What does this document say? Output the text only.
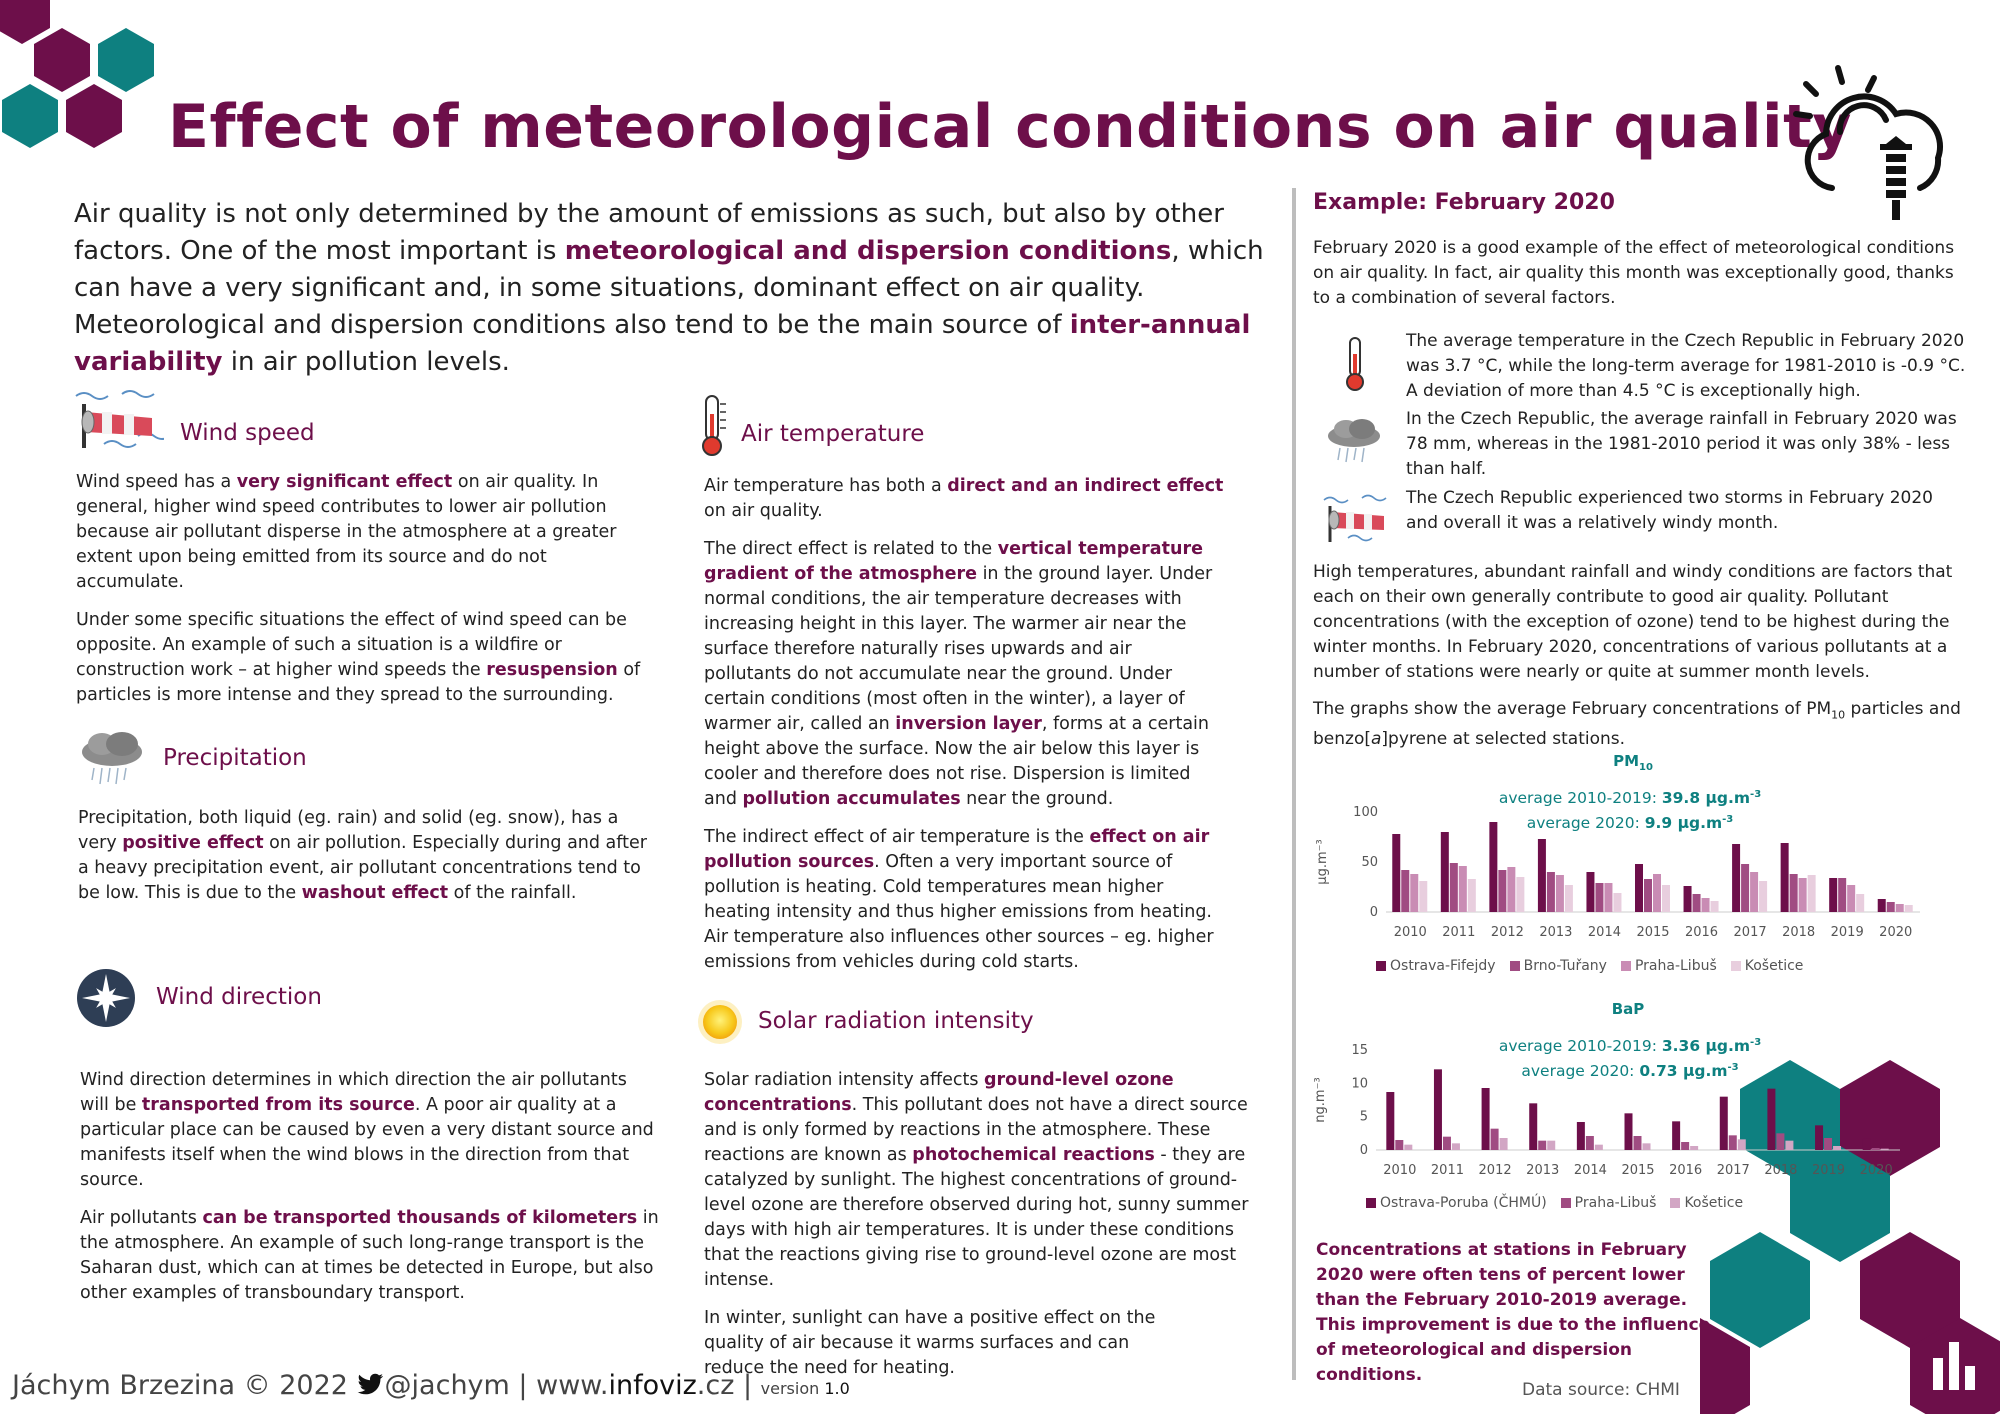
Effect of meteorological conditions on air quality
Air quality is not only determined by the amount of emissions as such, but also by other factors. One of the most important is meteorological and dispersion conditions, which can have a very significant and, in some situations, dominant effect on air quality. Meteorological and dispersion conditions also tend to be the main source of inter-annual variability in air pollution levels.
Wind speed

Wind speed has a very significant effect on air quality. In general, higher wind speed contributes to lower air pollution because air pollutant disperse in the atmosphere at a greater extent upon being emitted from its source and do not accumulate.

Under some specific situations the effect of wind speed can be opposite. An example of such a situation is a wildfire or construction work – at higher wind speeds the resuspension of particles is more intense and they spread to the surrounding.

Precipitation

Precipitation, both liquid (eg. rain) and solid (eg. snow), has a very positive effect on air pollution. Especially during and after a heavy precipitation event, air pollutant concentrations tend to be low. This is due to the washout effect of the rainfall.

Wind direction

Wind direction determines in which direction the air pollutants will be transported from its source. A poor air quality at a particular place can be caused by even a very distant source and manifests itself when the wind blows in the direction from that source.

Air pollutants can be transported thousands of kilometers in the atmosphere. An example of such long-range transport is the Saharan dust, which can at times be detected in Europe, but also other examples of transboundary transport.

Air temperature

Air temperature has both a direct and an indirect effect on air quality.

The direct effect is related to the vertical temperature gradient of the atmosphere in the ground layer. Under normal conditions, the air temperature decreases with increasing height in this layer. The warmer air near the surface therefore naturally rises upwards and air pollutants do not accumulate near the ground. Under certain conditions (most often in the winter), a layer of warmer air, called an inversion layer, forms at a certain height above the surface. Now the air below this layer is cooler and therefore does not rise. Dispersion is limited and pollution accumulates near the ground.

The indirect effect of air temperature is the effect on air pollution sources. Often a very important source of pollution is heating. Cold temperatures mean higher heating intensity and thus higher emissions from heating. Air temperature also influences other sources – eg. higher emissions from vehicles during cold starts.

Solar radiation intensity

Solar radiation intensity affects ground-level ozone concentrations. This pollutant does not have a direct source and is only formed by reactions in the atmosphere. These reactions are known as photochemical reactions - they are catalyzed by sunlight. The highest concentrations of ground-level ozone are therefore observed during hot, sunny summer days with high air temperatures. It is under these conditions that the reactions giving rise to ground-level ozone are most intense.

In winter, sunlight can have a positive effect on the quality of air because it warms surfaces and can reduce the need for heating.

Example: February 2020
February 2020 is a good example of the effect of meteorological conditions on air quality. In fact, air quality this month was exceptionally good, thanks to a combination of several factors.
The average temperature in the Czech Republic in February 2020 was 3.7 °C, while the long-term average for 1981-2010 is -0.9 °C. A deviation of more than 4.5 °C is exceptionally high.
In the Czech Republic, the average rainfall in February 2020 was 78 mm, whereas in the 1981-2010 period it was only 38% - less than half.
The Czech Republic experienced two storms in February 2020 and overall it was a relatively windy month.

High temperatures, abundant rainfall and windy conditions are factors that each on their own generally contribute to good air quality. Pollutant concentrations (with the exception of ozone) tend to be highest during the winter months. In February 2020, concentrations of various pollutants at a number of stations were nearly or quite at summer month levels.

The graphs show the average February concentrations of $PM_{10}$ particles and benzo[a]pyrene at selected stations.

$PM_{10}$
average 2010-2019: 39.8 $\mu g.m^{-3}$
average 2020: 9.9 $\mu g.m^{-3}$
0
50
100
μg.m⁻³
2010 2011 2012 2013 2014 2015 2016 2017 2018 2019 2020
Ostrava-Fifejdy Brno-Tuřany Praha-Libuš Košetice
BaP
average 2010-2019: 3.36 $\mu g.m^{-3}$
average 2020: 0.73 $\mu g.m^{-3}$
0
5
10
15
ng.m⁻³
2010 2011 2012 2013 2014 2015 2016 2017 2018 2019 2020
Ostrava-Poruba (ČHMÚ) Praha-Libuš Košetice
Concentrations at stations in February 2020 were often tens of percent lower than the February 2010-2019 average. This improvement is due to the influence of meteorological and dispersion conditions.
Jáchym Brzezina © 2022 @jachym | www.infoviz.cz | version 1.0	Data source: CHMI
